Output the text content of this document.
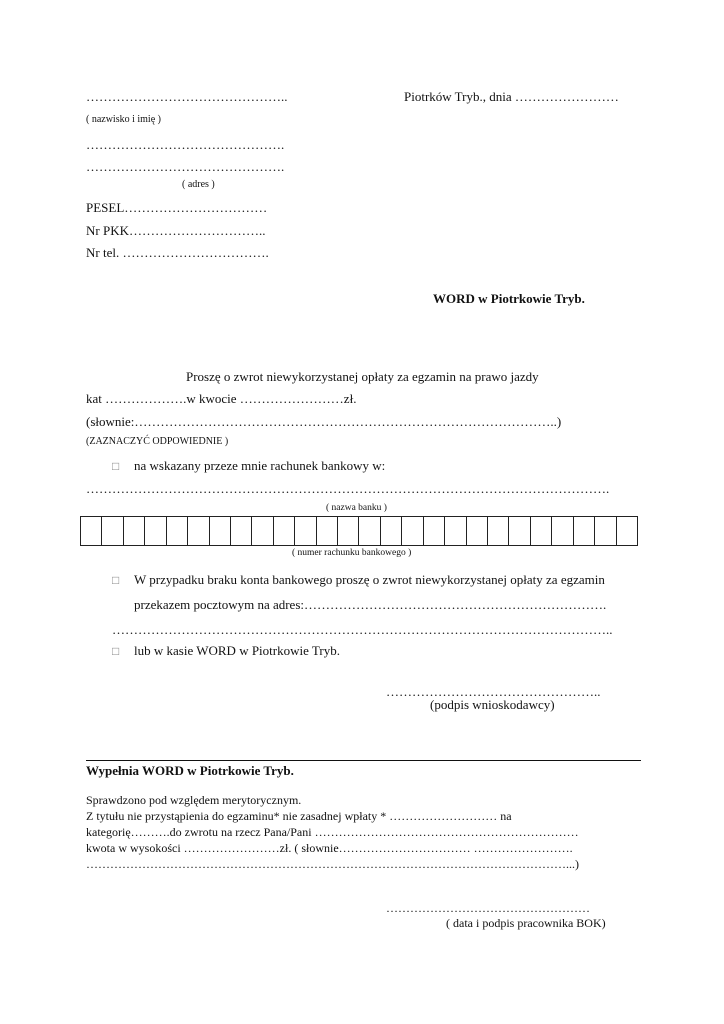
………………………………………..	Piotrków Tryb., dnia ……………………
( nazwisko i imię )
……………………………………….
……………………………………….
( adres )
PESEL……………………………
Nr PKK…………………………..
Nr tel. …………………………….
WORD w Piotrkowie Tryb.
Proszę o zwrot niewykorzystanej opłaty za egzamin na prawo jazdy
kat ……………….w kwocie ……………………zł.
(słownie:……………………………………………………………………………………..)
(ZAZNACZYĆ ODPOWIEDNIE )
□ na wskazany przeze mnie rachunek bankowy w:
………………………………………………………………………………………………………….
( nazwa banku )
( numer rachunku bankowego )
□ W przypadku braku konta bankowego proszę o zwrot niewykorzystanej opłaty za egzamin
przekazem pocztowym na adres:…………………………………………………………….
……………………………………………………………………………………………………..
□ lub w kasie WORD w Piotrkowie Tryb.
…………………………………………..
(podpis wnioskodawcy)
Wypełnia WORD w Piotrkowie Tryb.
Sprawdzono pod względem merytorycznym.
Z tytułu nie przystąpienia do egzaminu* nie zasadnej wpłaty * ……………………… na
kategorię……….do zwrotu na rzecz Pana/Pani …………………………………………………………
kwota w wysokości ……………………zł. ( słownie…………………………… …………………….
…………………………………………………………………………………………………………...)
……………………………………………
( data i podpis pracownika BOK)
